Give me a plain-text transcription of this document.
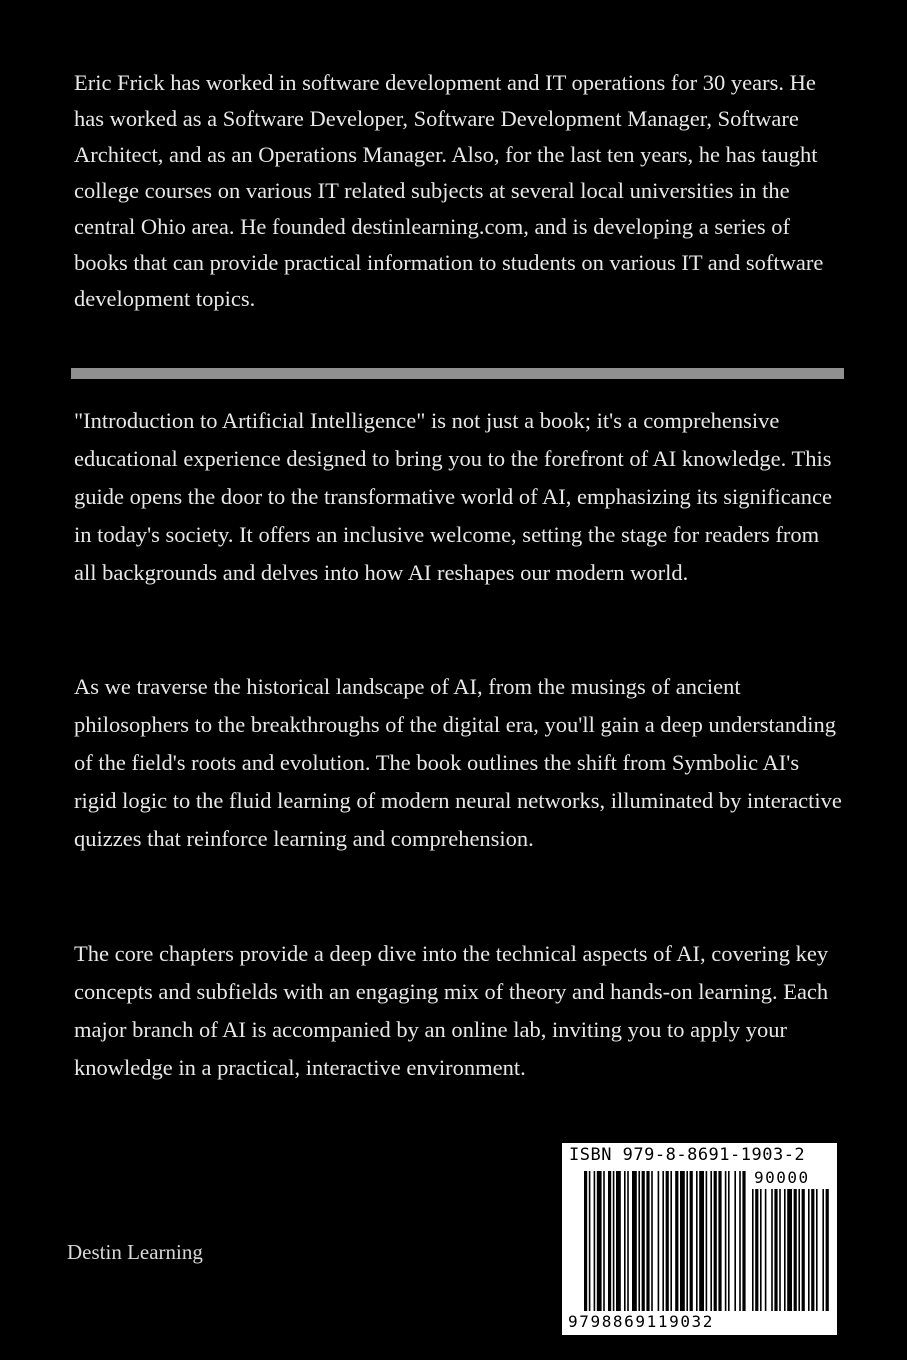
Eric Frick has worked in software development and IT operations for 30 years. He has worked as a Software Developer, Software Development Manager, Software Architect, and as an Operations Manager. Also, for the last ten years, he has taught college courses on various IT related subjects at several local universities in the central Ohio area. He founded destinlearning.com, and is developing a series of books that can provide practical information to students on various IT and software development topics.

"Introduction to Artificial Intelligence" is not just a book; it's a comprehensive educational experience designed to bring you to the forefront of AI knowledge. This guide opens the door to the transformative world of AI, emphasizing its significance in today's society. It offers an inclusive welcome, setting the stage for readers from all backgrounds and delves into how AI reshapes our modern world.

As we traverse the historical landscape of AI, from the musings of ancient philosophers to the breakthroughs of the digital era, you'll gain a deep understanding of the field's roots and evolution. The book outlines the shift from Symbolic AI's rigid logic to the fluid learning of modern neural networks, illuminated by interactive quizzes that reinforce learning and comprehension.

The core chapters provide a deep dive into the technical aspects of AI, covering key concepts and subfields with an engaging mix of theory and hands-on learning. Each major branch of AI is accompanied by an online lab, inviting you to apply your knowledge in a practical, interactive environment.

Destin Learning
ISBN 979-8-8691-1903-2
90000
9798869119032
